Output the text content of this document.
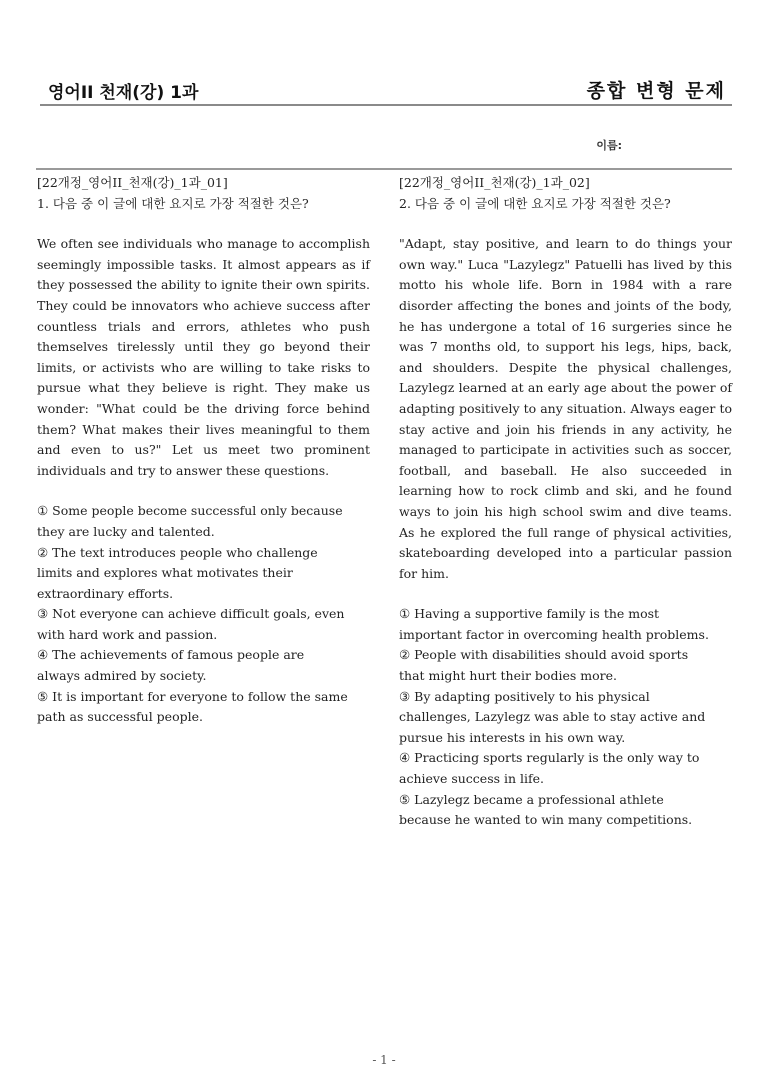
영어II 천재(강) 1과	종합 변형 문제
이름:
[22개정_영어II_천재(강)_1과_01]
1. 다음 중 이 글에 대한 요지로 가장 적절한 것은?
We often see individuals who manage to accomplish seemingly impossible tasks. It almost appears as if they possessed the ability to ignite their own spirits. They could be innovators who achieve success after countless trials and errors, athletes who push themselves tirelessly until they go beyond their limits, or activists who are willing to take risks to pursue what they believe is right. They make us wonder: "What could be the driving force behind them? What makes their lives meaningful to them and even to us?" Let us meet two prominent individuals and try to answer these questions.

① Some people become successful only because they are lucky and talented.

② The text introduces people who challenge limits and explores what motivates their extraordinary efforts.

③ Not everyone can achieve difficult goals, even with hard work and passion.

④ The achievements of famous people are always admired by society.

⑤ It is important for everyone to follow the same path as successful people.

[22개정_영어II_천재(강)_1과_02]
2. 다음 중 이 글에 대한 요지로 가장 적절한 것은?
"Adapt, stay positive, and learn to do things your own way." Luca "Lazylegz" Patuelli has lived by this motto his whole life. Born in 1984 with a rare disorder affecting the bones and joints of the body, he has undergone a total of 16 surgeries since he was 7 months old, to support his legs, hips, back, and shoulders. Despite the physical challenges, Lazylegz learned at an early age about the power of adapting positively to any situation. Always eager to stay active and join his friends in any activity, he managed to participate in activities such as soccer, football, and baseball. He also succeeded in learning how to rock climb and ski, and he found ways to join his high school swim and dive teams. As he explored the full range of physical activities, skateboarding developed into a particular passion for him.

① Having a supportive family is the most important factor in overcoming health problems.

② People with disabilities should avoid sports that might hurt their bodies more.

③ By adapting positively to his physical challenges, Lazylegz was able to stay active and pursue his interests in his own way.

④ Practicing sports regularly is the only way to achieve success in life.

⑤ Lazylegz became a professional athlete because he wanted to win many competitions.

- 1 -
